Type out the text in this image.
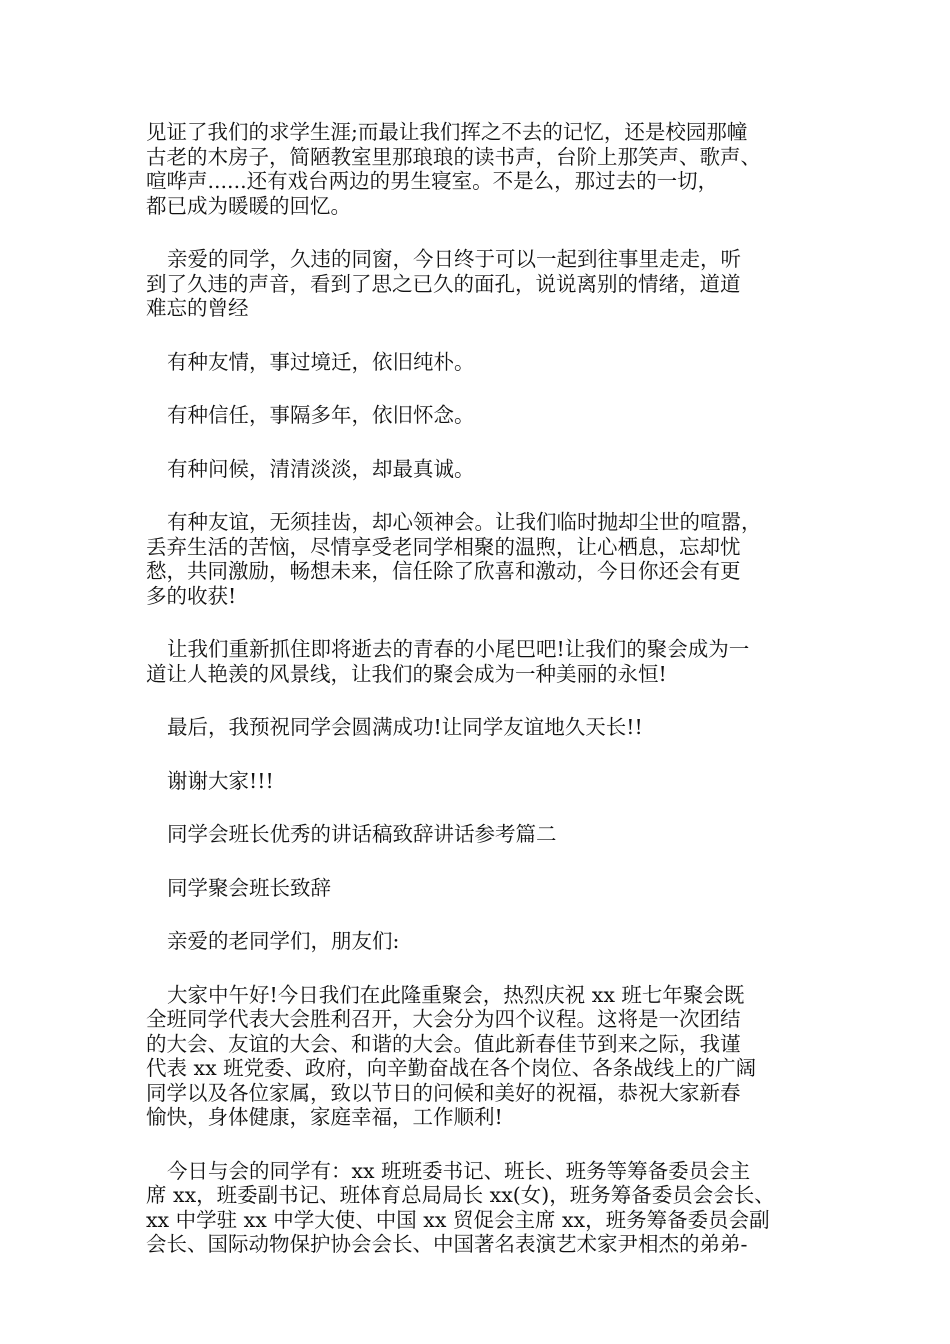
见证了我们的求学生涯;而最让我们挥之不去的记忆，还是校园那幢
古老的木房子，简陋教室里那琅琅的读书声，台阶上那笑声、歌声、
喧哗声......还有戏台两边的男生寝室。不是么，那过去的一切，
都已成为暖暖的回忆。

亲爱的同学，久违的同窗，今日终于可以一起到往事里走走，听
到了久违的声音，看到了思之已久的面孔，说说离别的情绪，道道
难忘的曾经

有种友情，事过境迁，依旧纯朴。

有种信任，事隔多年，依旧怀念。

有种问候，清清淡淡，却最真诚。

有种友谊，无须挂齿，却心领神会。让我们临时抛却尘世的喧嚣，
丢弃生活的苦恼，尽情享受老同学相聚的温煦，让心栖息，忘却忧
愁，共同激励，畅想未来，信任除了欣喜和激动，今日你还会有更
多的收获!

让我们重新抓住即将逝去的青春的小尾巴吧!让我们的聚会成为一
道让人艳羡的风景线，让我们的聚会成为一种美丽的永恒!

最后，我预祝同学会圆满成功!让同学友谊地久天长!!

谢谢大家!!!

同学会班长优秀的讲话稿致辞讲话参考篇二

同学聚会班长致辞

亲爱的老同学们，朋友们:

大家中午好!今日我们在此隆重聚会，热烈庆祝 xx 班七年聚会既
全班同学代表大会胜利召开，大会分为四个议程。这将是一次团结
的大会、友谊的大会、和谐的大会。值此新春佳节到来之际，我谨
代表 xx 班党委、政府，向辛勤奋战在各个岗位、各条战线上的广阔
同学以及各位家属，致以节日的问候和美好的祝福，恭祝大家新春
愉快，身体健康，家庭幸福，工作顺利!

今日与会的同学有：xx 班班委书记、班长、班务等筹备委员会主
席 xx，班委副书记、班体育总局局长 xx(女)，班务筹备委员会会长、
xx 中学驻 xx 中学大使、中国 xx 贸促会主席 xx，班务筹备委员会副
会长、国际动物保护协会会长、中国著名表演艺术家尹相杰的弟弟-
